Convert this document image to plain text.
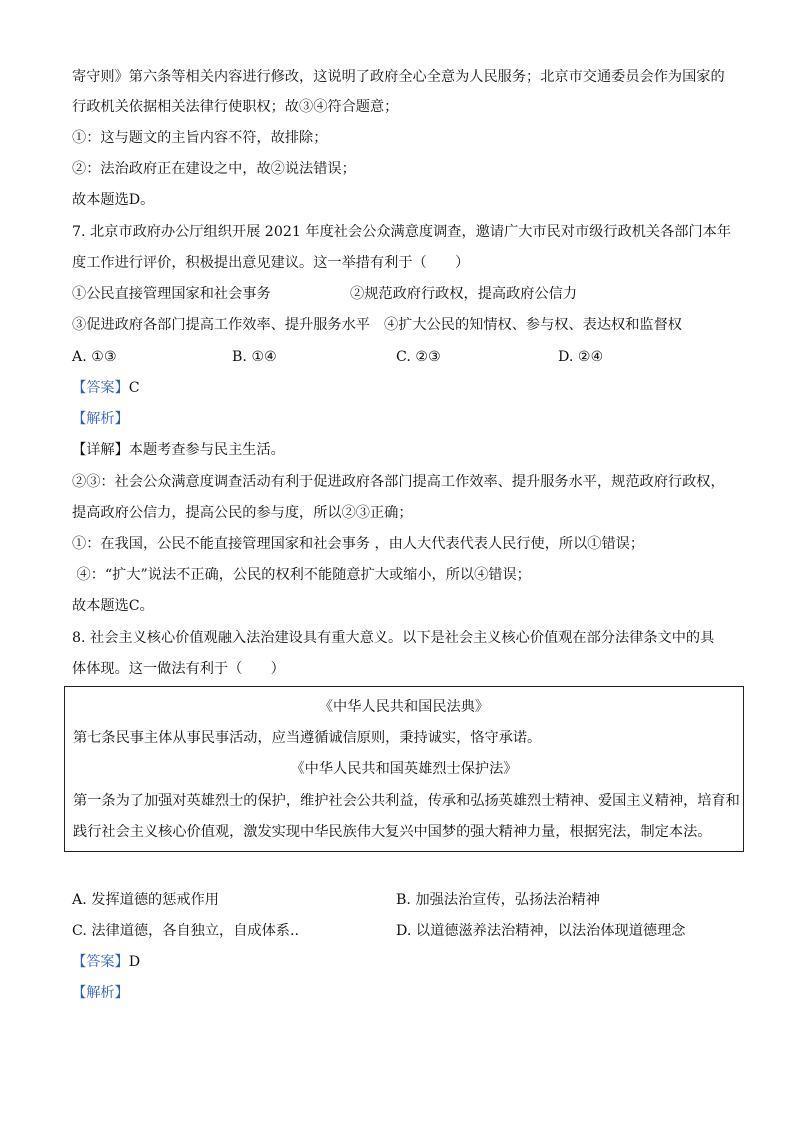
寄守则》第六条等相关内容进行修改，这说明了政府全心全意为人民服务；北京市交通委员会作为国家的
行政机关依据相关法律行使职权；故③④符合题意；
①：这与题文的主旨内容不符，故排除；
②：法治政府正在建设之中，故②说法错误；
故本题选D。
7. 北京市政府办公厅组织开展 2021 年度社会公众满意度调查，邀请广大市民对市级行政机关各部门本年
度工作进行评价，积极提出意见建议。这一举措有利于（　　）
①公民直接管理国家和社会事务	②规范政府行政权，提高政府公信力
③促进政府各部门提高工作效率、提升服务水平 ④扩大公民的知情权、参与权、表达权和监督权
A. ①③	B. ①④	C. ②③	D. ②④
【答案】C
【解析】
【详解】本题考查参与民主生活。
②③：社会公众满意度调查活动有利于促进政府各部门提高工作效率、提升服务水平，规范政府行政权，
提高政府公信力，提高公民的参与度，所以②③正确；
①：在我国，公民不能直接管理国家和社会事务 ，由人大代表代表人民行使，所以①错误；
④：“扩大”说法不正确，公民的权利不能随意扩大或缩小，所以④错误；
故本题选C。
8. 社会主义核心价值观融入法治建设具有重大意义。以下是社会主义核心价值观在部分法律条文中的具
体体现。这一做法有利于（　　）
《中华人民共和国民法典》
第七条民事主体从事民事活动，应当遵循诚信原则，秉持诚实，恪守承诺。
《中华人民共和国英雄烈士保护法》
第一条为了加强对英雄烈士的保护，维护社会公共利益，传承和弘扬英雄烈士精神、爱国主义精神，培育和
践行社会主义核心价值观，激发实现中华民族伟大复兴中国梦的强大精神力量，根据宪法，制定本法。
A. 发挥道德的惩戒作用	B. 加强法治宣传，弘扬法治精神
C. 法律道德，各自独立，自成体系..	D. 以道德滋养法治精神，以法治体现道德理念
【答案】D
【解析】
